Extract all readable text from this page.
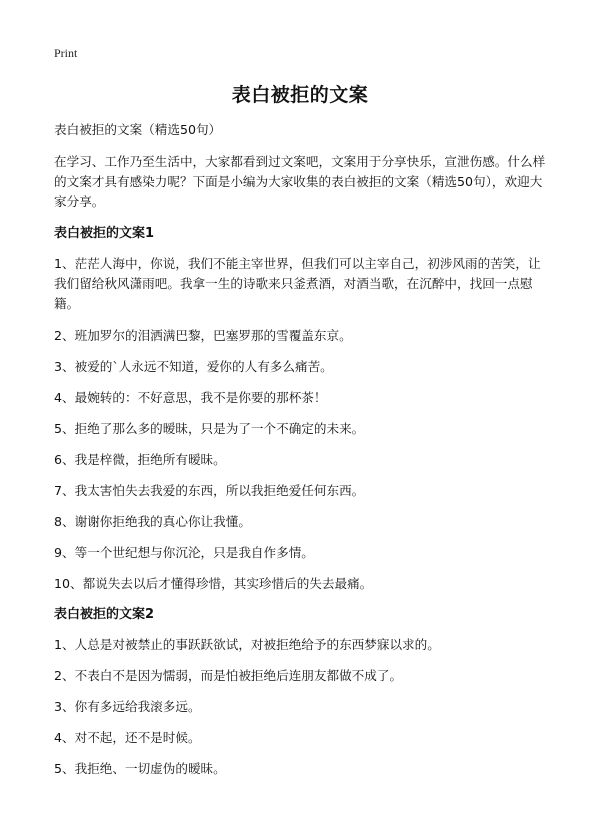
Print
表白被拒的文案

表白被拒的文案（精选50句）

在学习、工作乃至生活中，大家都看到过文案吧，文案用于分享快乐，宣泄伤感。什么样的文案才具有感染力呢？下面是小编为大家收集的表白被拒的文案（精选50句），欢迎大家分享。

表白被拒的文案1

1、茫茫人海中，你说，我们不能主宰世界，但我们可以主宰自己，初涉风雨的苦笑，让我们留给秋风潇雨吧。我拿一生的诗歌来只釜煮酒，对酒当歌，在沉醉中，找回一点慰籍。

2、班加罗尔的泪洒满巴黎，巴塞罗那的雪覆盖东京。

3、被爱的`人永远不知道，爱你的人有多么痛苦。

4、最婉转的：不好意思，我不是你要的那杯茶！

5、拒绝了那么多的暧昧，只是为了一个不确定的未来。

6、我是梓微，拒绝所有暧昧。

7、我太害怕失去我爱的东西，所以我拒绝爱任何东西。

8、谢谢你拒绝我的真心你让我懂。

9、等一个世纪想与你沉沦，只是我自作多情。

10、都说失去以后才懂得珍惜，其实珍惜后的失去最痛。

表白被拒的文案2

1、人总是对被禁止的事跃跃欲试，对被拒绝给予的东西梦寐以求的。

2、不表白不是因为懦弱，而是怕被拒绝后连朋友都做不成了。

3、你有多远给我滚多远。

4、对不起，还不是时候。

5、我拒绝、一切虚伪的暧昧。
